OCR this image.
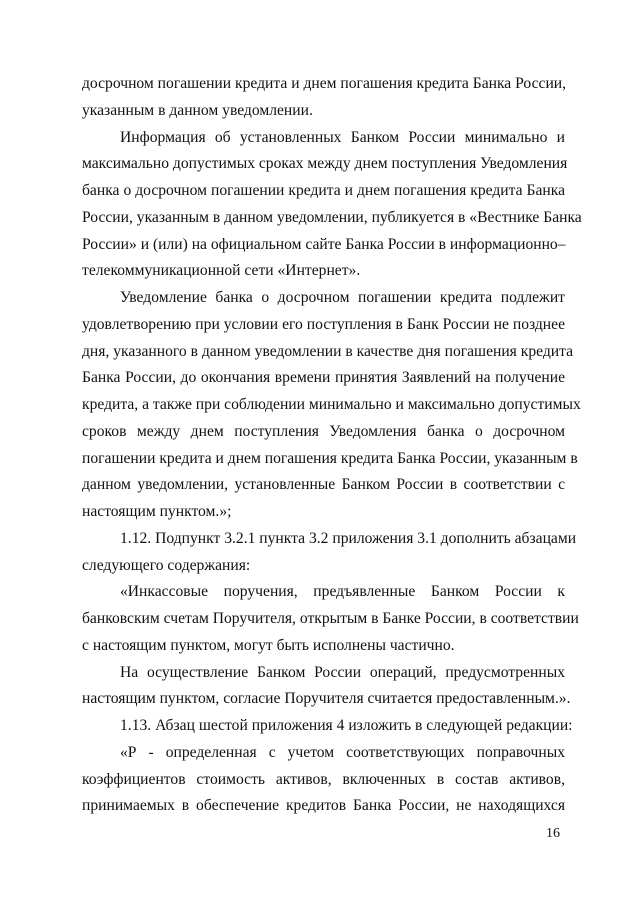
досрочном погашении кредита и днем погашения кредита Банка России,
указанным в данном уведомлении.

Информация об установленных Банком России минимально и
максимально допустимых сроках между днем поступления Уведомления
банка о досрочном погашении кредита и днем погашения кредита Банка
России, указанным в данном уведомлении, публикуется в «Вестнике Банка
России» и (или) на официальном сайте Банка России в информационно–
телекоммуникационной сети «Интернет».

Уведомление банка о досрочном погашении кредита подлежит
удовлетворению при условии его поступления в Банк России не позднее
дня, указанного в данном уведомлении в качестве дня погашения кредита
Банка России, до окончания времени принятия Заявлений на получение
кредита, а также при соблюдении минимально и максимально допустимых
сроков между днем поступления Уведомления банка о досрочном
погашении кредита и днем погашения кредита Банка России, указанным в
данном уведомлении, установленные Банком России в соответствии с
настоящим пунктом.»;

1.12. Подпункт 3.2.1 пункта 3.2 приложения 3.1 дополнить абзацами
следующего содержания:

«Инкассовые поручения, предъявленные Банком России к
банковским счетам Поручителя, открытым в Банке России, в соответствии
с настоящим пунктом, могут быть исполнены частично.

На осуществление Банком России операций, предусмотренных
настоящим пунктом, согласие Поручителя считается предоставленным.».

1.13. Абзац шестой приложения 4 изложить в следующей редакции:

«Р - определенная с учетом соответствующих поправочных
коэффициентов стоимость активов, включенных в состав активов,
принимаемых в обеспечение кредитов Банка России, не находящихся

16
